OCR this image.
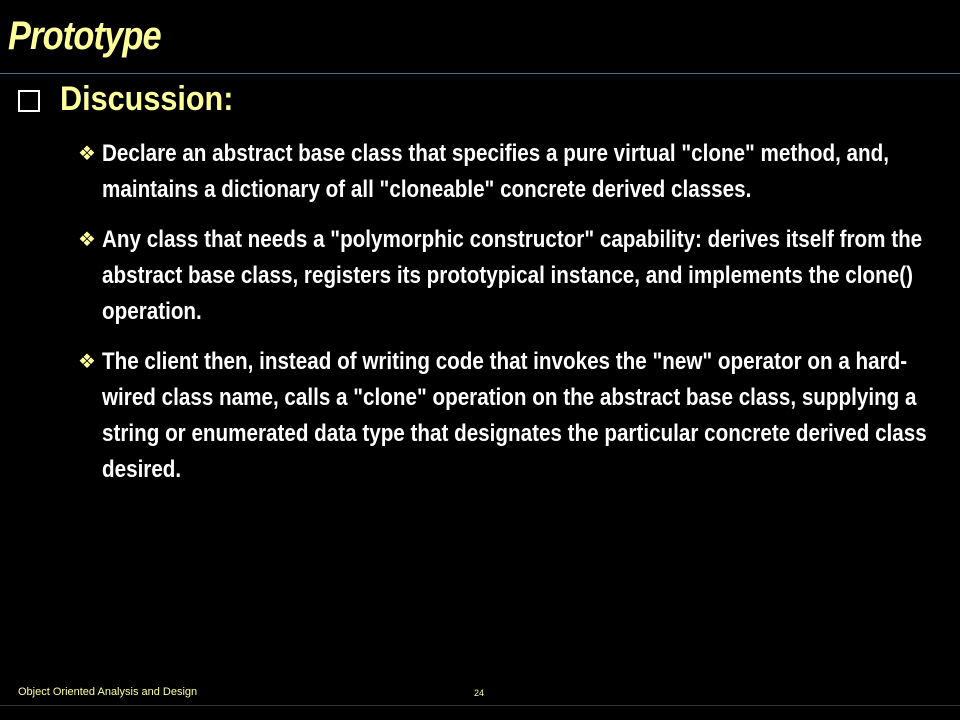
Prototype
Discussion:
❖ Declare an abstract base class that specifies a pure virtual "clone" method, and, maintains a dictionary of all "cloneable" concrete derived classes.
❖ Any class that needs a "polymorphic constructor" capability: derives itself from the abstract base class, registers its prototypical instance, and implements the clone() operation.
❖ The client then, instead of writing code that invokes the "new" operator on a hard-wired class name, calls a "clone" operation on the abstract base class, supplying a string or enumerated data type that designates the particular concrete derived class desired.
Object Oriented Analysis and Design	24
